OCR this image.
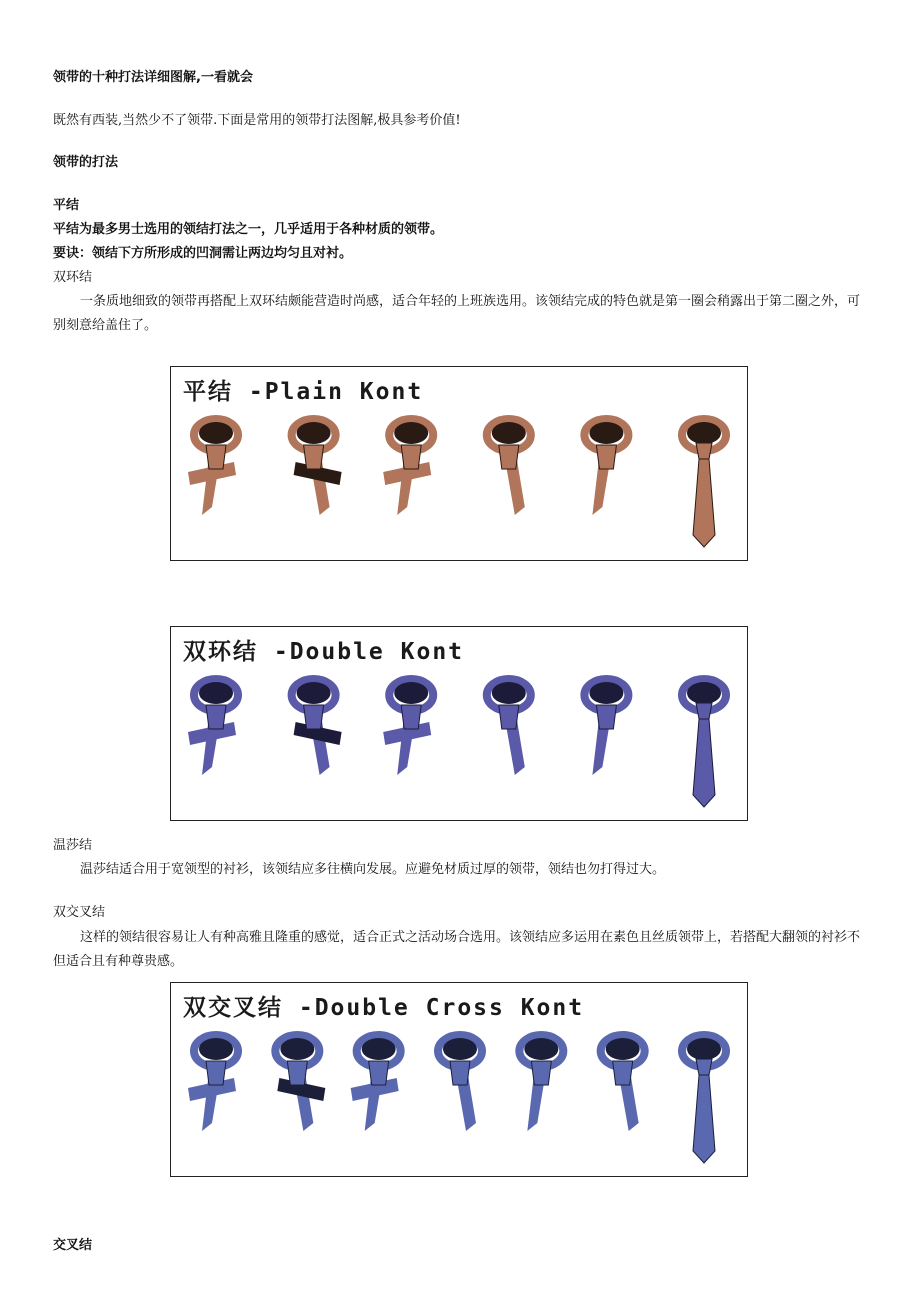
领带的十种打法详细图解,一看就会
既然有西装,当然少不了领带.下面是常用的领带打法图解,极具参考价值!
领带的打法
平结
平结为最多男士选用的领结打法之一，几乎适用于各种材质的领带。
要诀：领结下方所形成的凹洞需让两边均匀且对衬。
双环结
一条质地细致的领带再搭配上双环结颇能营造时尚感，适合年轻的上班族选用。该领结完成的特色就是第一圈会稍露出于第二圈之外，可别刻意给盖住了。
平结 -Plain Kont
双环结 -Double Kont
温莎结
温莎结适合用于宽领型的衬衫，该领结应多往横向发展。应避免材质过厚的领带，领结也勿打得过大。
双交叉结
这样的领结很容易让人有种高雅且隆重的感觉，适合正式之活动场合选用。该领结应多运用在素色且丝质领带上，若搭配大翻领的衬衫不但适合且有种尊贵感。
双交叉结 -Double Cross Kont
交叉结
